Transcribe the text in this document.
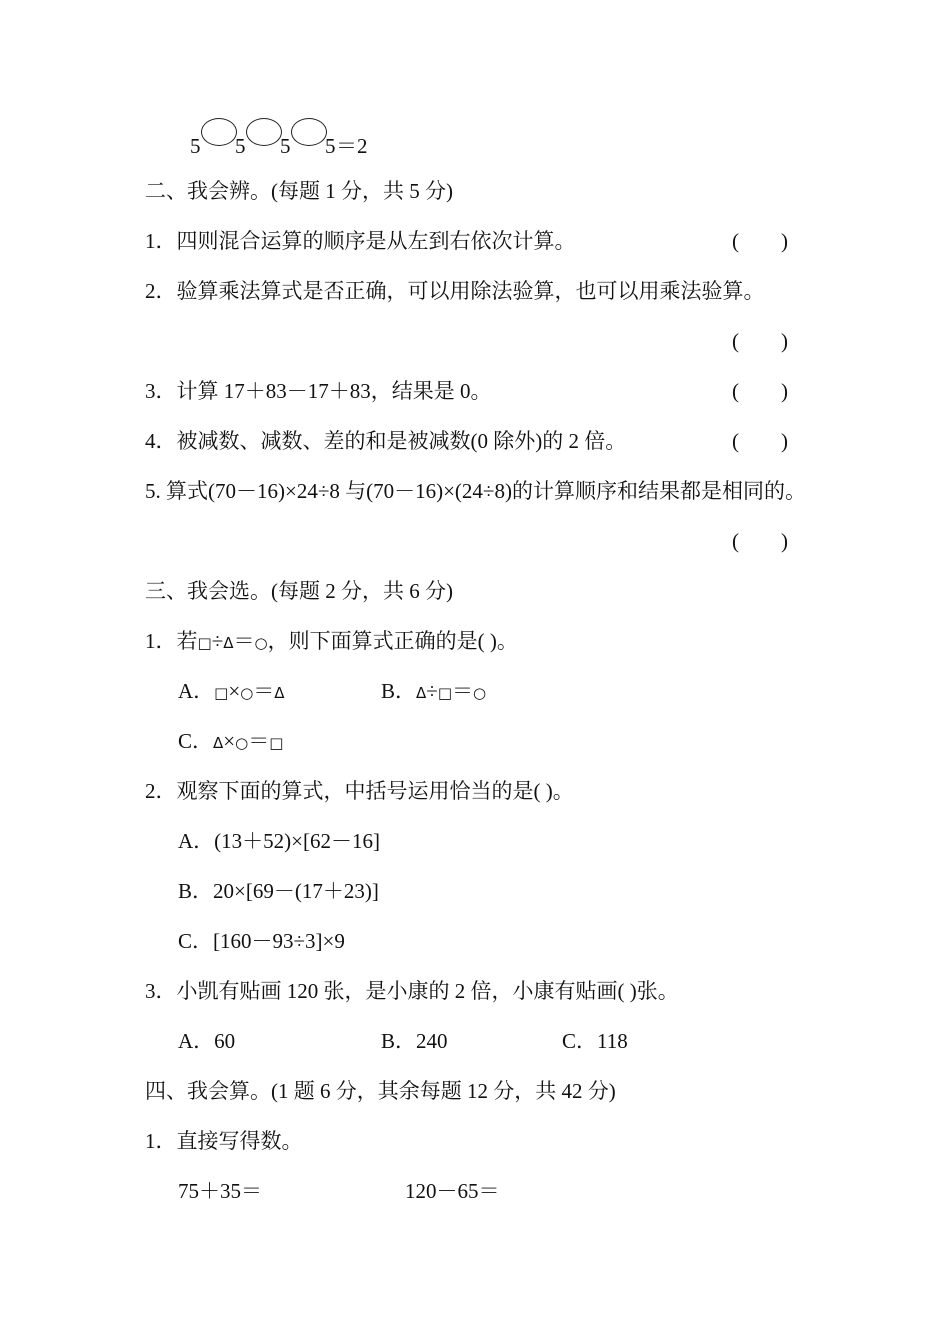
5 5 5 5 ＝2
二、我会辨。(每题 1 分，共 5 分)
1．四则混合运算的顺序是从左到右依次计算。	(        )
2．验算乘法算式是否正确，可以用除法验算，也可以用乘法验算。
(        )
3．计算 17＋83－17＋83，结果是 0。	(        )
4．被减数、减数、差的和是被减数(0 除外)的 2 倍。	(        )
5. 算式(70－16)×24÷8 与(70－16)×(24÷8)的计算顺序和结果都是相同的。
(        )
三、我会选。(每题 2 分，共 6 分)
1．若□÷Δ＝○，则下面算式正确的是( )。
A．□×○＝Δ	B．Δ÷□＝○
C．Δ×○＝□
2．观察下面的算式，中括号运用恰当的是( )。
A．(13＋52)×[62－16]
B．20×[69－(17＋23)]
C．[160－93÷3]×9
3．小凯有贴画 120 张，是小康的 2 倍，小康有贴画( )张。
A．60	B．240	C．118
四、我会算。(1 题 6 分，其余每题 12 分，共 42 分)
1．直接写得数。
75＋35＝	120－65＝
